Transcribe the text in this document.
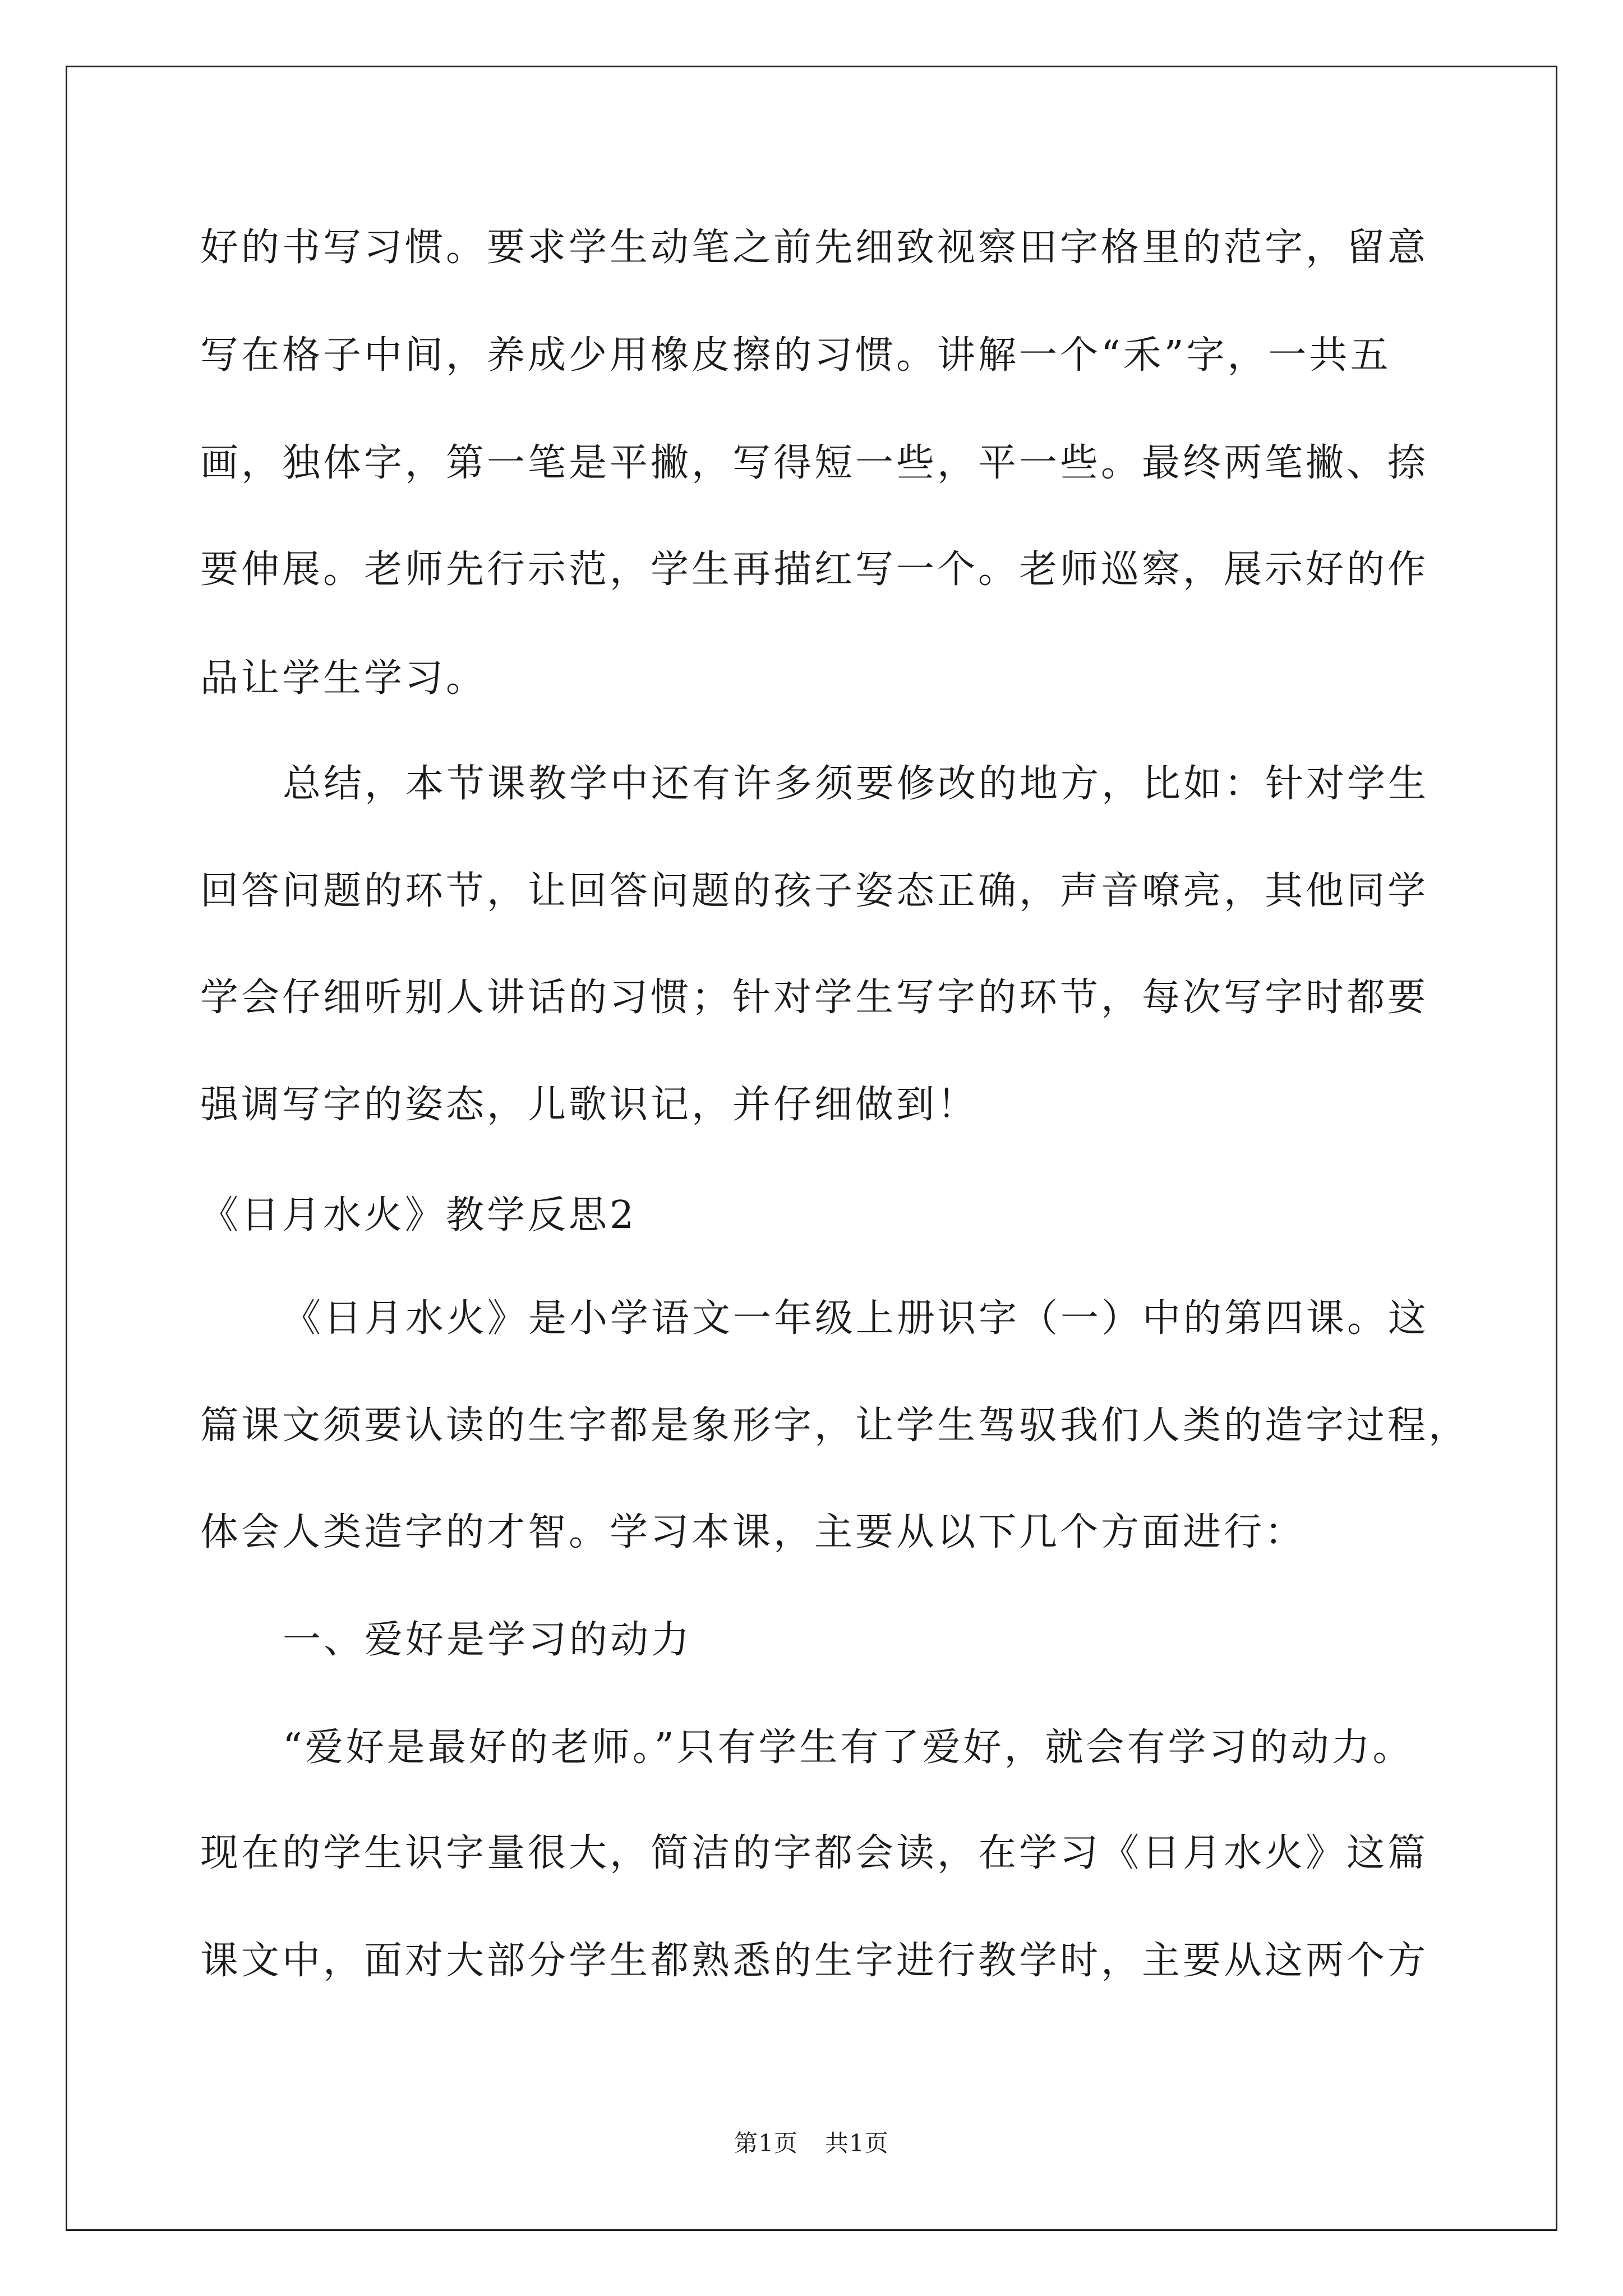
好的书写习惯。要求学生动笔之前先细致视察田字格里的范字，留意
写在格子中间，养成少用橡皮擦的习惯。讲解一个“禾”字，一共五
画，独体字，第一笔是平撇，写得短一些，平一些。最终两笔撇、捺
要伸展。老师先行示范，学生再描红写一个。老师巡察，展示好的作
品让学生学习。
总结，本节课教学中还有许多须要修改的地方，比如：针对学生
回答问题的环节，让回答问题的孩子姿态正确，声音嘹亮，其他同学
学会仔细听别人讲话的习惯；针对学生写字的环节，每次写字时都要
强调写字的姿态，儿歌识记，并仔细做到！
《日月水火》教学反思2
《日月水火》是小学语文一年级上册识字（一）中的第四课。这
篇课文须要认读的生字都是象形字，让学生驾驭我们人类的造字过程，
体会人类造字的才智。学习本课，主要从以下几个方面进行：
一、爱好是学习的动力
“爱好是最好的老师。”只有学生有了爱好，就会有学习的动力。
现在的学生识字量很大，简洁的字都会读，在学习《日月水火》这篇
课文中，面对大部分学生都熟悉的生字进行教学时，主要从这两个方
第1页 共1页
